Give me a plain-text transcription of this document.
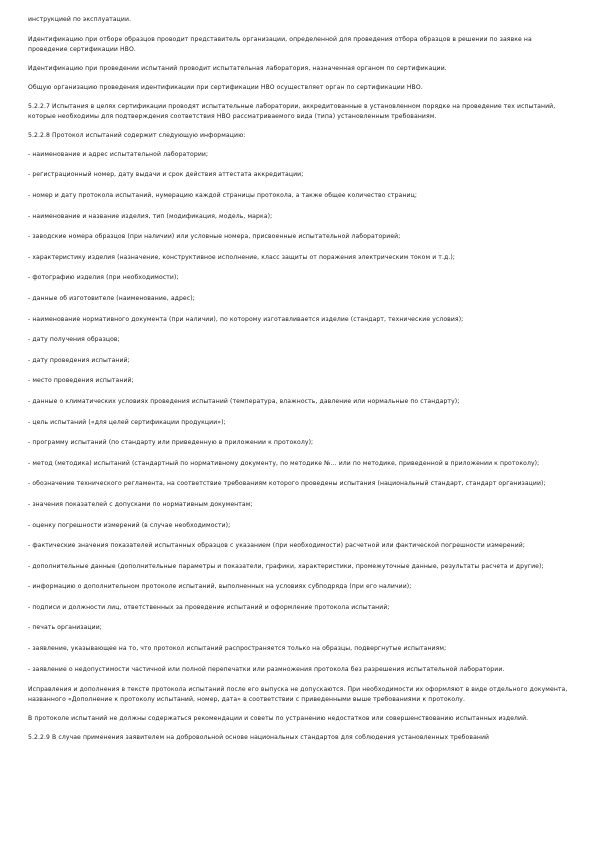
инструкцией по эксплуатации.

Идентификацию при отборе образцов проводит представитель организации, определенной для проведения отбора образцов в решении по заявке на проведение сертификации НВО.

Идентификацию при проведении испытаний проводит испытательная лаборатория, назначенная органом по сертификации.

Общую организацию проведения идентификации при сертификации НВО осуществляет орган по сертификации НВО.

5.2.2.7 Испытания в целях сертификации проводят испытательные лаборатории, аккредитованные в установленном порядке на проведение тех испытаний, которые необходимы для подтверждения соответствия НВО рассматриваемого вида (типа) установленным требованиям.

5.2.2.8 Протокол испытаний содержит следующую информацию:

- наименование и адрес испытательной лаборатории;
- регистрационный номер, дату выдачи и срок действия аттестата аккредитации;
- номер и дату протокола испытаний, нумерацию каждой страницы протокола, а также общее количество страниц;
- наименование и название изделия, тип (модификация, модель, марка);
- заводские номера образцов (при наличии) или условные номера, присвоенные испытательной лабораторией;
- характеристику изделия (назначение, конструктивное исполнение, класс защиты от поражения электрическим током и т.д.);
- фотографию изделия (при необходимости);
- данные об изготовителе (наименование, адрес);
- наименование нормативного документа (при наличии), по которому изготавливается изделие (стандарт, технические условия);
- дату получения образцов;
- дату проведения испытаний;
- место проведения испытаний;
- данные о климатических условиях проведения испытаний (температура, влажность, давление или нормальные по стандарту);
- цель испытаний («для целей сертификации продукции»);
- программу испытаний (по стандарту или приведенную в приложении к протоколу);
- метод (методика) испытаний (стандартный по нормативному документу, по методике №... или по методике, приведенной в приложении к протоколу);
- обозначение технического регламента, на соответствие требованиям которого проведены испытания (национальный стандарт, стандарт организации);
- значения показателей с допусками по нормативным документам;
- оценку погрешности измерений (в случае необходимости);
- фактические значения показателей испытанных образцов с указанием (при необходимости) расчетной или фактической погрешности измерений;
- дополнительные данные (дополнительные параметры и показатели, графики, характеристики, промежуточные данные, результаты расчета и другие);
- информацию о дополнительном протоколе испытаний, выполненных на условиях субподряда (при его наличии);
- подписи и должности лиц, ответственных за проведение испытаний и оформление протокола испытаний;
- печать организации;
- заявление, указывающее на то, что протокол испытаний распространяется только на образцы, подвергнутые испытаниям;
- заявление о недопустимости частичной или полной перепечатки или размножения протокола без разрешения испытательной лаборатории.

Исправления и дополнения в тексте протокола испытаний после его выпуска не допускаются. При необходимости их оформляют в виде отдельного документа, названного «Дополнение к протоколу испытаний, номер, дата» в соответствии с приведенными выше требованиями к протоколу.

В протоколе испытаний не должны содержаться рекомендации и советы по устранению недостатков или совершенствованию испытанных изделий.

5.2.2.9 В случае применения заявителем на добровольной основе национальных стандартов для соблюдения установленных требований
